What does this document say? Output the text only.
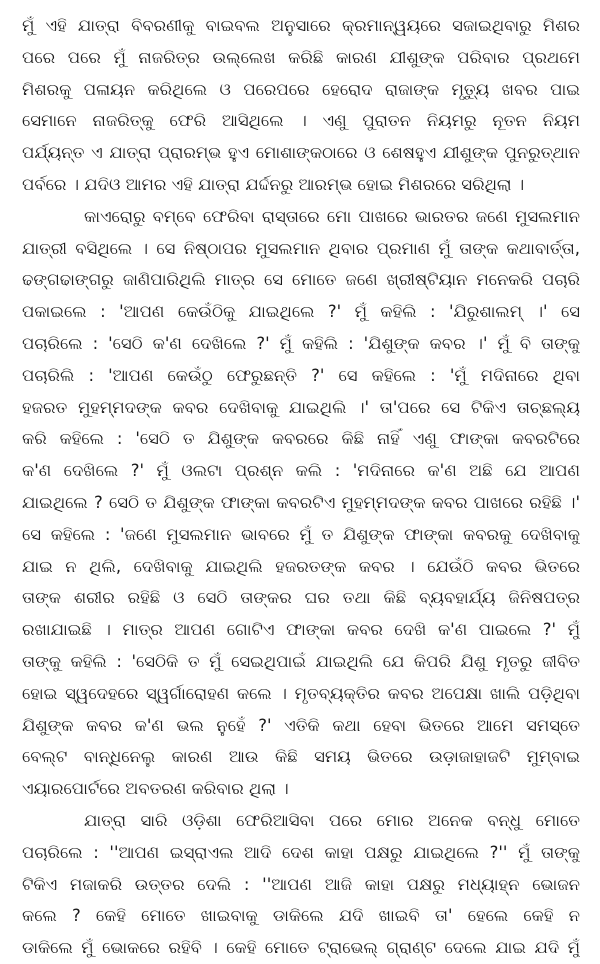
ମୁଁ ଏହି ଯାତ୍ରା ବିବରଣୀକୁ ବାଇବଲ ଅନୁସାରେ କ୍ରମାନ୍ୱୟରେ ସଜାଇଥିବାରୁ ମିଶର
ପରେ ପରେ ମୁଁ ନାଜରିତ୍‌ର ଉଲ୍ଲେଖ କରିଛି କାରଣ ଯୀଶୁଙ୍କ ପରିବାର ପ୍ରଥମେ
ମିଶରକୁ ପଳାୟନ କରିଥିଲେ ଓ ପରେପରେ ହେରୋଦ ରାଜାଙ୍କ ମୃତ୍ୟୁ ଖବର ପାଇ
ସେମାନେ ନାଜରିତ୍‌କୁ ଫେରି ଆସିଥିଲେ । ଏଣୁ ପୁରାତନ ନିୟମରୁ ନୂତନ ନିୟମ
ପର୍ଯ୍ୟନ୍ତ ଏ ଯାତ୍ରା ପ୍ରାରମ୍ଭ ହୁଏ ମୋଶାଙ୍କଠାରେ ଓ ଶେଷହୁଏ ଯୀଶୁଙ୍କ ପୁନରୁତ୍‌ଥାନ
ପର୍ବରେ । ଯଦିଓ ଆମର ଏହି ଯାତ୍ରା ଯର୍ଦ୍ଦନରୁ ଆରମ୍ଭ ହୋଇ ମିଶରରେ ସରିଥିଲା ।
କାଏରୋରୁ ବମ୍ବେ ଫେରିବା ରାସ୍ତାରେ ମୋ ପାଖରେ ଭାରତର ଜଣେ ମୁସଲମାନ
ଯାତ୍ରୀ ବସିଥିଲେ । ସେ ନିଷ୍ଠାପର ମୁସଲମାନ ଥିବାର ପ୍ରମାଣ ମୁଁ ତାଙ୍କ କଥାବାର୍ତ୍ତା,
ଢଙ୍ଗଢାଙ୍ଗରୁ ଜାଣିପାରିଥିଲି ମାତ୍ର ସେ ମୋତେ ଜଣେ ଖ୍ରୀଷ୍ଟିୟାନ ମନେକରି ପଚାରି
ପକାଇଲେ : 'ଆପଣ କେଉଁଠିକୁ ଯାଇଥିଲେ ?' ମୁଁ କହିଲି : 'ଯିରୁଶାଲମ୍ ।' ସେ
ପଚାରିଲେ : 'ସେଠି କ'ଣ ଦେଖିଲେ ?' ମୁଁ କହିଲି : 'ଯିଶୁଙ୍କ କବର ।' ମୁଁ ବି ତାଙ୍କୁ
ପଚାରିଲି : 'ଆପଣ କେଉଁଠୁ ଫେରୁଛନ୍ତି ?' ସେ କହିଲେ : 'ମୁଁ ମଦିନାରେ ଥିବା
ହଜରତ ମୁହମ୍ମଦଙ୍କ କବର ଦେଖିବାକୁ ଯାଇଥିଲି ।' ତା'ପରେ ସେ ଟିକିଏ ତାଚ୍ଛଲ୍ୟ
କରି କହିଲେ : 'ସେଠି ତ ଯିଶୁଙ୍କ କବରରେ କିଛି ନାହିଁ ଏଣୁ ଫାଙ୍କା କବରଟିରେ
କ'ଣ ଦେଖିଲେ ?' ମୁଁ ଓଲଟା ପ୍ରଶ୍ନ କଲି : 'ମଦିନାରେ କ'ଣ ଅଛି ଯେ ଆପଣ
ଯାଇଥିଲେ ? ସେଠି ତ ଯିଶୁଙ୍କ ଫାଙ୍କା କବରଟିଏ ମୁହମ୍ମଦଙ୍କ କବର ପାଖରେ ରହିଛି ।'
ସେ କହିଲେ : 'ଜଣେ ମୁସଲମାନ ଭାବରେ ମୁଁ ତ ଯିଶୁଙ୍କ ଫାଙ୍କା କବରକୁ ଦେଖିବାକୁ
ଯାଇ ନ ଥିଲି, ଦେଖିବାକୁ ଯାଇଥିଲି ହଜରତଙ୍କ କବର । ଯେଉଁଠି କବର ଭିତରେ
ତାଙ୍କ ଶରୀର ରହିଛି ଓ ସେଠି ତାଙ୍କର ଘର ତଥା କିଛି ବ୍ୟବହାର୍ଯ୍ୟ ଜିନିଷପତ୍ର
ରଖାଯାଇଛି । ମାତ୍ର ଆପଣ ଗୋଟିଏ ଫାଙ୍କା କବର ଦେଖି କ'ଣ ପାଇଲେ ?' ମୁଁ
ତାଙ୍କୁ କହିଲି : 'ସେଠିକି ତ ମୁଁ ସେଇଥିପାଇଁ ଯାଇଥିଲି ଯେ କିପରି ଯିଶୁ ମୃତରୁ ଜୀବିତ
ହୋଇ ସ୍ୱଦେହରେ ସ୍ୱର୍ଗାରୋହଣ କଲେ । ମୃତବ୍ୟକ୍ତିର କବର ଅପେକ୍ଷା ଖାଲି ପଡ଼ିଥିବା
ଯିଶୁଙ୍କ କବର କ'ଣ ଭଲ ନୁହେଁ ?' ଏତିକି କଥା ହେବା ଭିତରେ ଆମେ ସମସ୍ତେ
ବେଲ୍ଟ ବାନ୍ଧିନେଲୁ କାରଣ ଆଉ କିଛି ସମୟ ଭିତରେ ଉଡ଼ାଜାହାଜଟି ମୁମ୍ବାଇ
ଏୟାରପୋର୍ଟରେ ଅବତରଣ କରିବାର ଥିଲା ।
ଯାତ୍ରା ସାରି ଓଡ଼ିଶା ଫେରିଆସିବା ପରେ ମୋର ଅନେକ ବନ୍ଧୁ ମୋତେ
ପଚାରିଲେ : ''ଆପଣ ଇସ୍ରାଏଲ ଆଦି ଦେଶ କାହା ପକ୍ଷରୁ ଯାଇଥିଲେ ?'' ମୁଁ ତାଙ୍କୁ
ଟିକିଏ ମଜାକରି ଉତ୍ତର ଦେଲି : ''ଆପଣ ଆଜି କାହା ପକ୍ଷରୁ ମଧ୍ୟାହ୍ନ ଭୋଜନ
କଲେ ? କେହି ମୋତେ ଖାଇବାକୁ ଡାକିଲେ ଯଦି ଖାଇବି ତା' ହେଲେ କେହି ନ
ଡାକିଲେ ମୁଁ ଭୋକରେ ରହିବି । କେହି ମୋତେ ଟ୍ରାଭେଲ୍ ଗ୍ରାଣ୍ଟ ଦେଲେ ଯାଇ ଯଦି ମୁଁ
